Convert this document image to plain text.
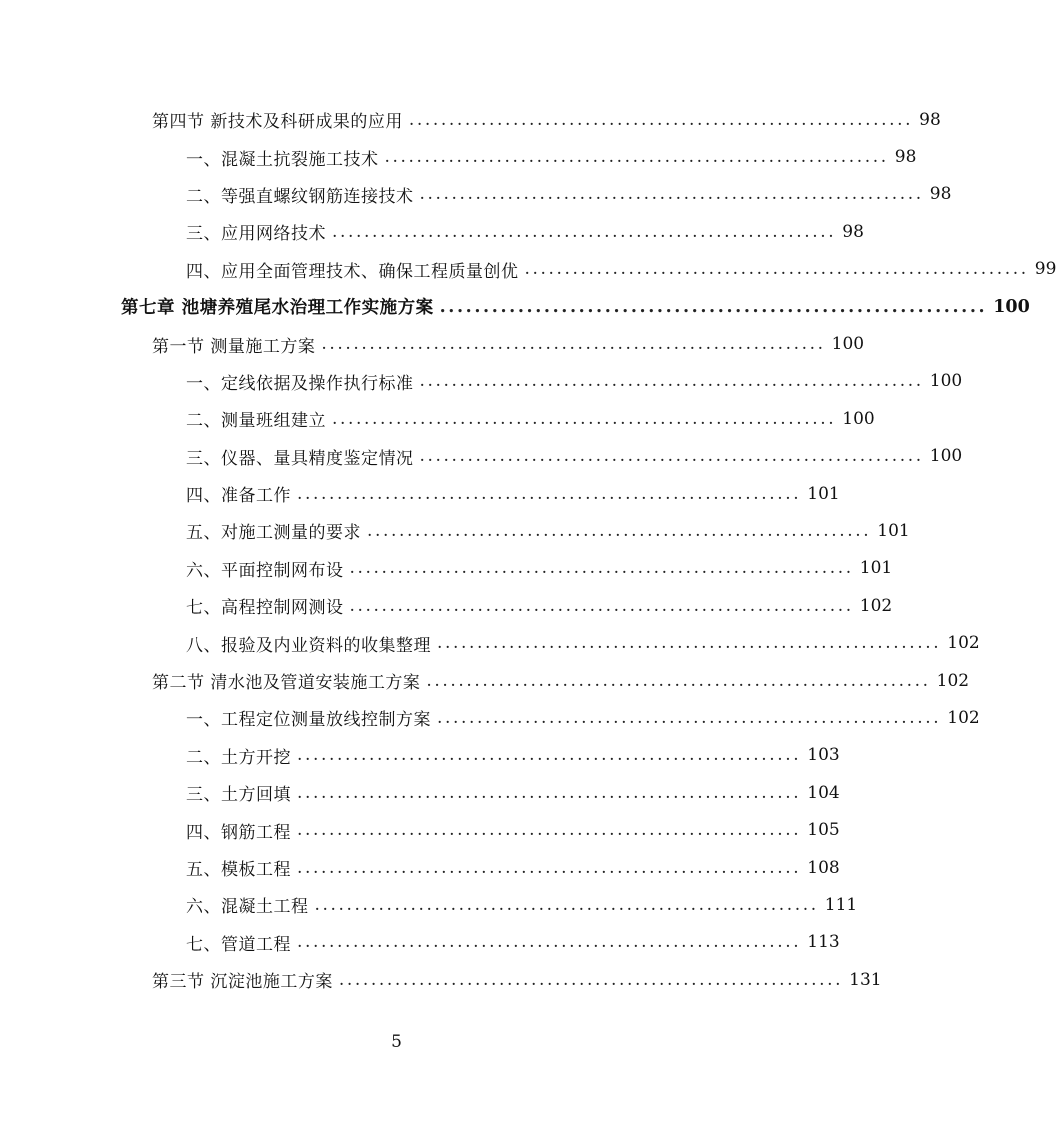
第四节 新技术及科研成果的应用 ............................................................... 98
一、混凝土抗裂施工技术 ............................................................... 98
二、等强直螺纹钢筋连接技术 ............................................................... 98
三、应用网络技术 ............................................................... 98
四、应用全面管理技术、确保工程质量创优 ............................................................... 99
第七章 池塘养殖尾水治理工作实施方案 ............................................................... 100
第一节 测量施工方案 ............................................................... 100
一、定线依据及操作执行标准 ............................................................... 100
二、测量班组建立 ............................................................... 100
三、仪器、量具精度鉴定情况 ............................................................... 100
四、准备工作 ............................................................... 101
五、对施工测量的要求 ............................................................... 101
六、平面控制网布设 ............................................................... 101
七、高程控制网测设 ............................................................... 102
八、报验及内业资料的收集整理 ............................................................... 102
第二节 清水池及管道安装施工方案 ............................................................... 102
一、工程定位测量放线控制方案 ............................................................... 102
二、土方开挖 ............................................................... 103
三、土方回填 ............................................................... 104
四、钢筋工程 ............................................................... 105
五、模板工程 ............................................................... 108
六、混凝土工程 ............................................................... 111
七、管道工程 ............................................................... 113
第三节 沉淀池施工方案 ............................................................... 131
5
